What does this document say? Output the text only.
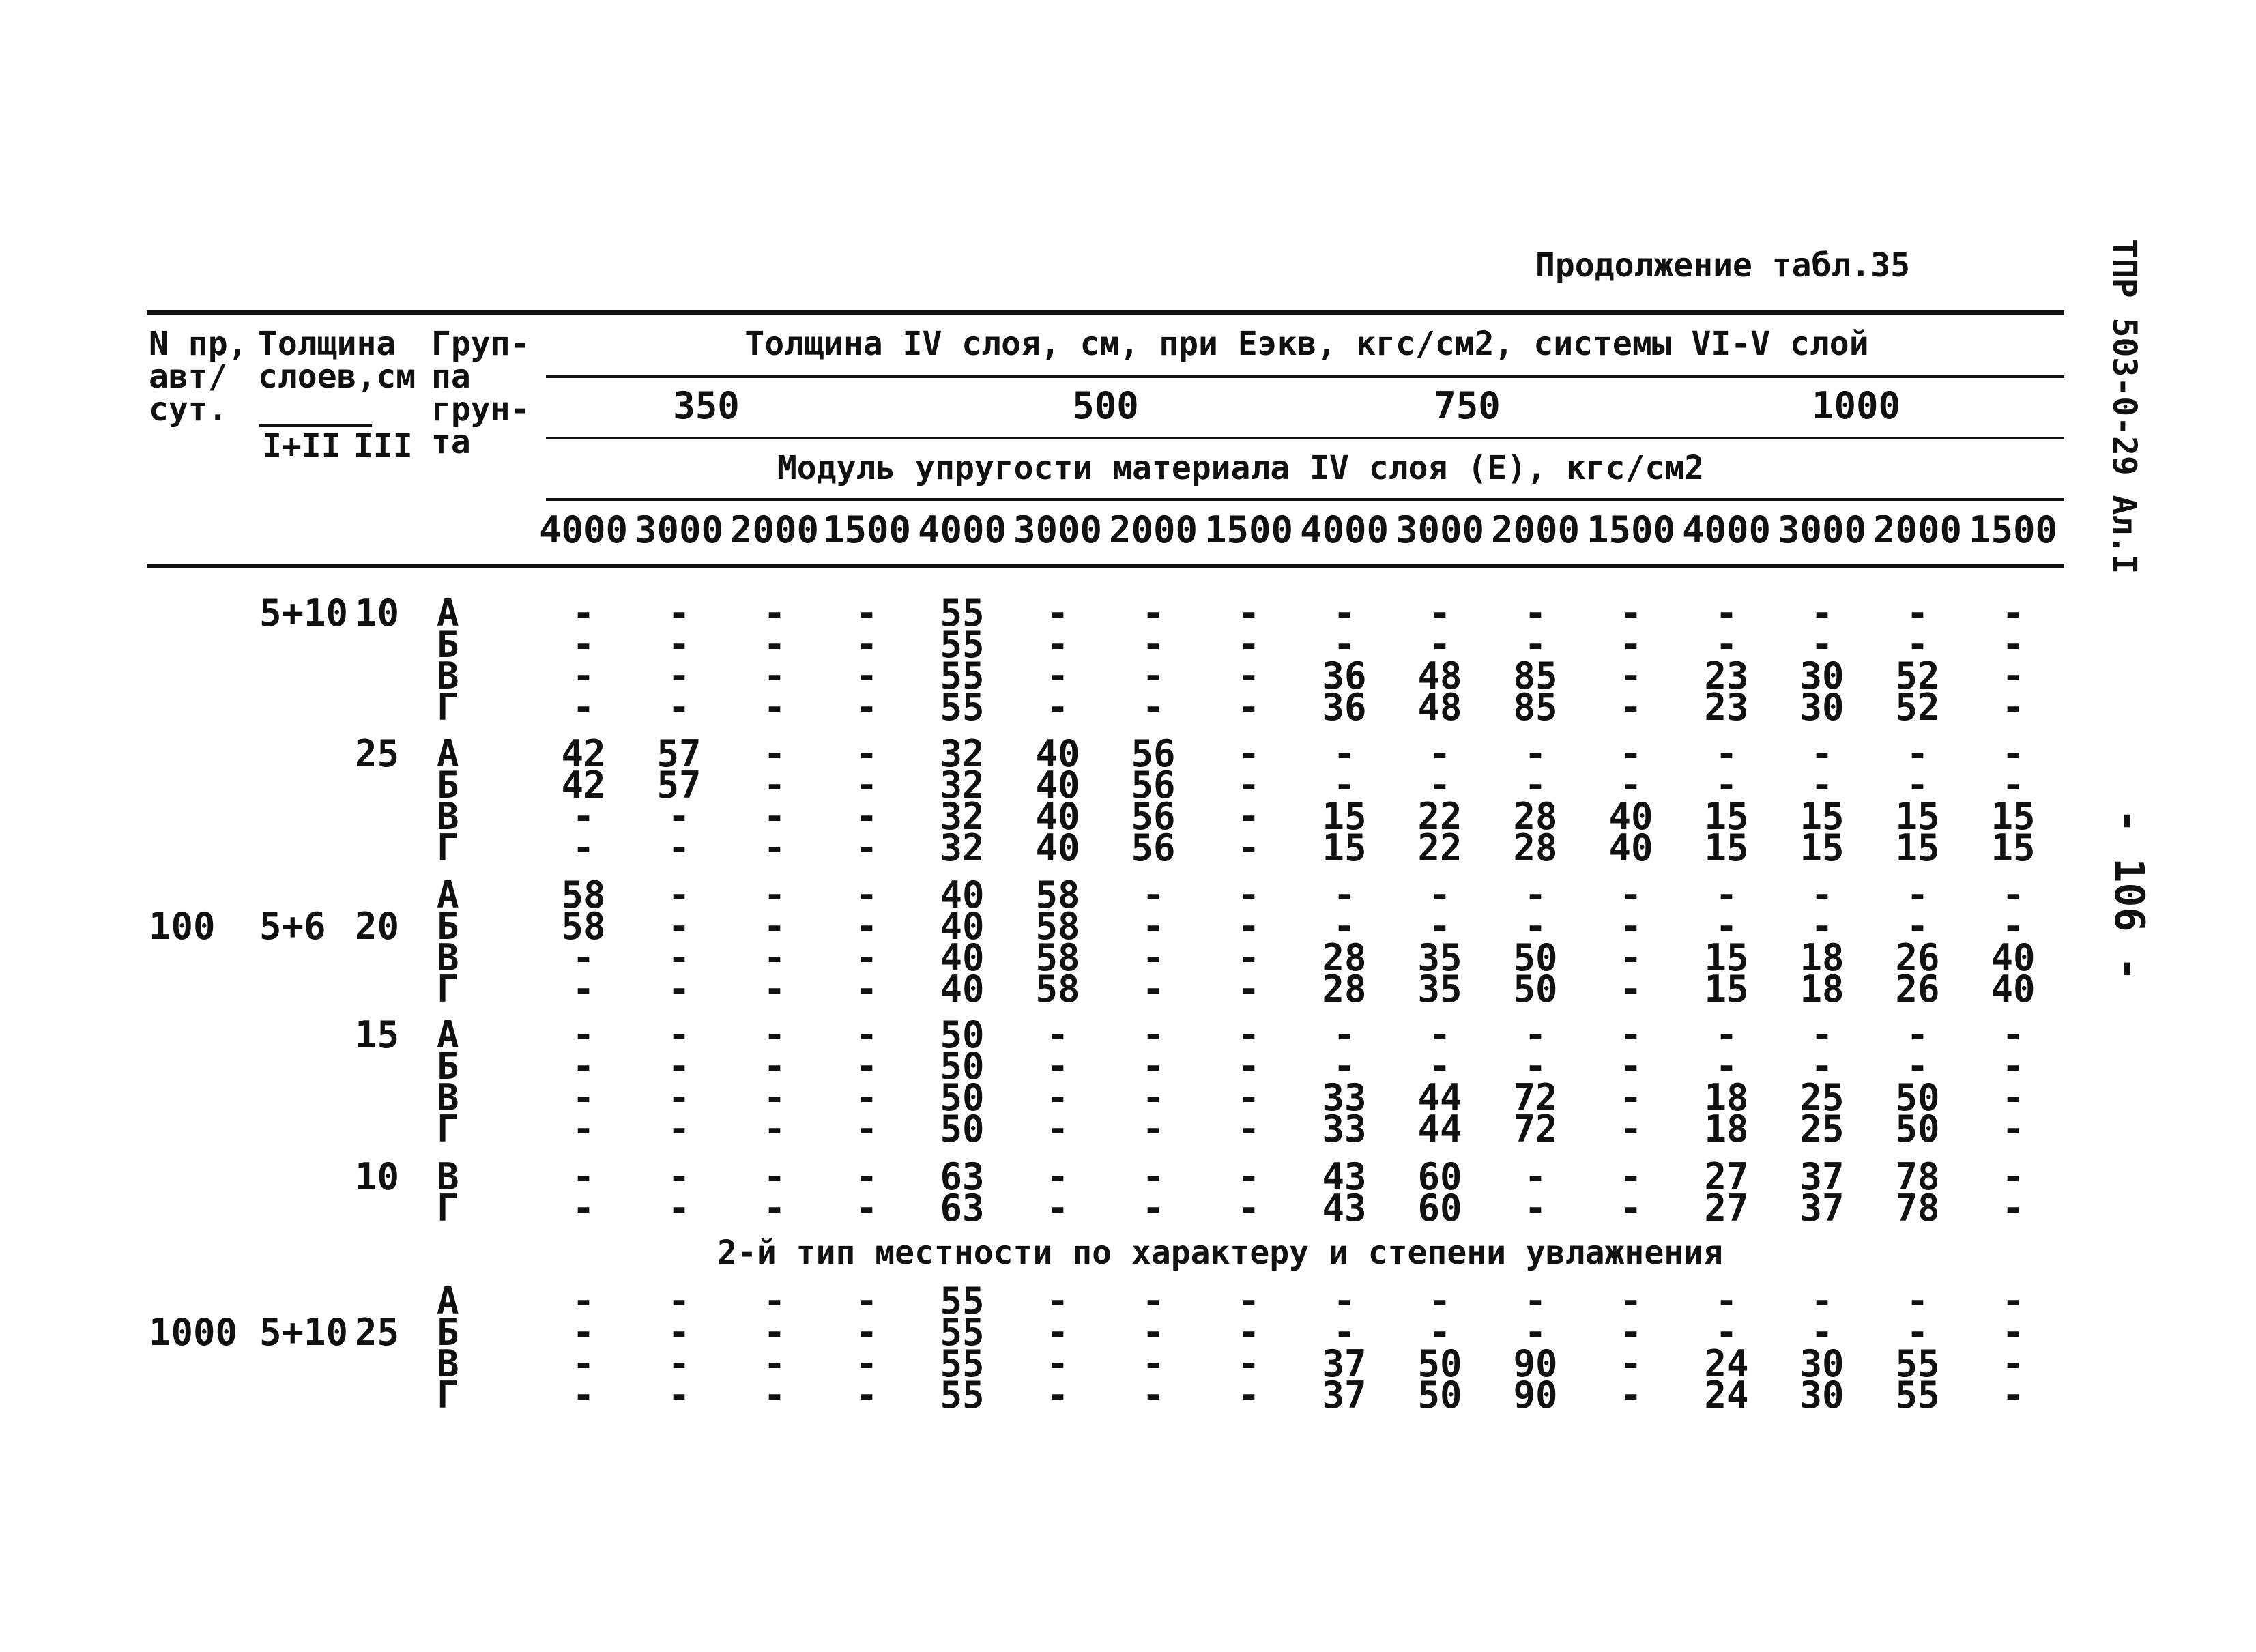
Продолжение табл.35	ТПР 503-0-29 Ал.I
- 106 -
N пр,
авт/
сут.
Толщина
слоев,см
I+II III
Груп-
па
грун-
та
Толщина IV слоя, см, при Еэкв, кгс/см2, системы VI-V слой
350	500	750	1000
Модуль упругости материала IV слоя (Е), кгс/см2
4000 3000 2000 1500 4000 3000 2000 1500 4000 3000 2000 1500 4000 3000 2000 1500
2-й тип местности по характеру и степени увлажнения
5+10 10 А	- - - - 55 - - - - - - - - - - -
Б	- - - - 55 - - - - - - - - - - -
В	- - - - 55 - - - 36 48 85 - 23 30 52 -
Г	- - - - 55 - - - 36 48 85 - 23 30 52 -
25 А	42 57 - - 32 40 56 - - - - - - - - -
Б	42 57 - - 32 40 56 - - - - - - - - -
В	- - - - 32 40 56 - 15 22 28 40 15 15 15 15
Г	- - - - 32 40 56 - 15 22 28 40 15 15 15 15
А	58 - - - 40 58 - - - - - - - - - -
100 5+6 20 Б	58 - - - 40 58 - - - - - - - - - -
В	- - - - 40 58 - - 28 35 50 - 15 18 26 40
Г	- - - - 40 58 - - 28 35 50 - 15 18 26 40
15 А	- - - - 50 - - - - - - - - - - -
Б	- - - - 50 - - - - - - - - - - -
В	- - - - 50 - - - 33 44 72 - 18 25 50 -
Г	- - - - 50 - - - 33 44 72 - 18 25 50 -
10 В	- - - - 63 - - - 43 60 - - 27 37 78 -
Г	- - - - 63 - - - 43 60 - - 27 37 78 -
А	- - - - 55 - - - - - - - - - - -
1000 5+10 25 Б	- - - - 55 - - - - - - - - - - -
В	- - - - 55 - - - 37 50 90 - 24 30 55 -
Г	- - - - 55 - - - 37 50 90 - 24 30 55 -
